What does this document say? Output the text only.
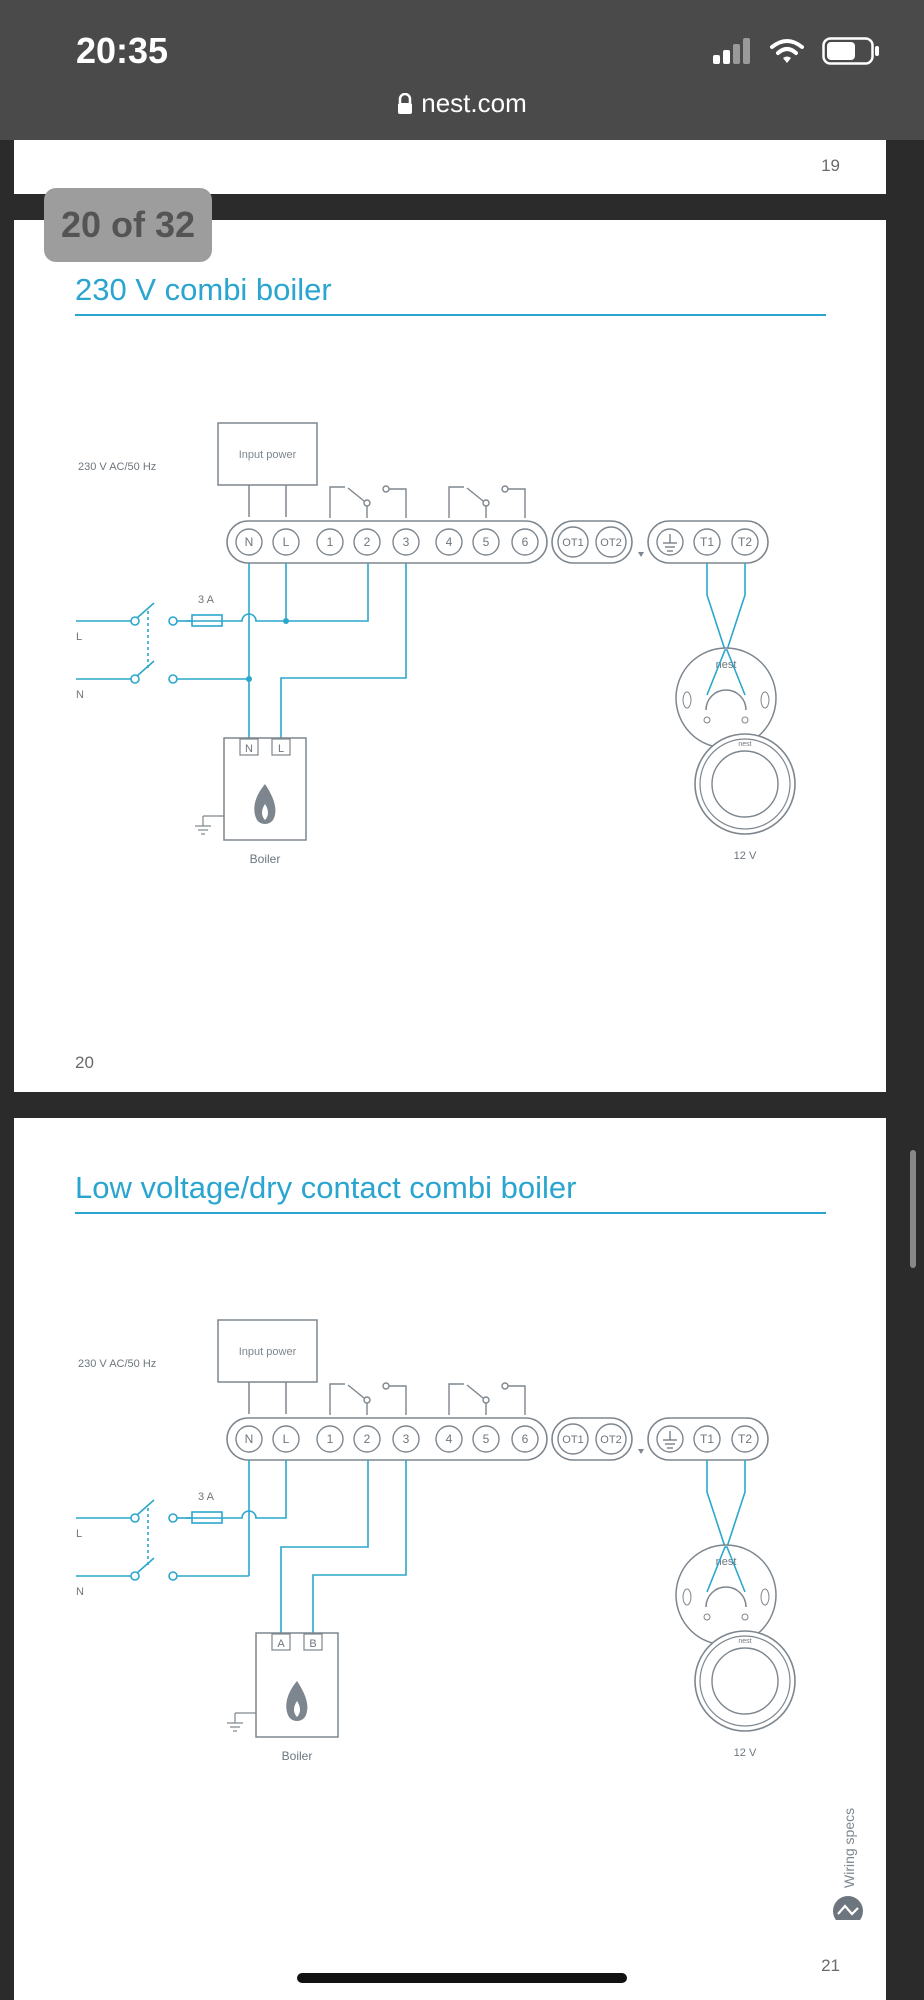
20:35
nest.com
19
20
230 V combi boiler
Input power
N L	1	2	3	4	5	6	OT1 OT2	T1 T2
230 V AC/50 Hz
3 A
L
N
N L
Boiler
nest
nest
12 V
20 of 32
21
Low voltage/dry contact combi boiler
Input power
N L	1	2	3	4	5	6	OT1 OT2	T1 T2
230 V AC/50 Hz
3 A
L
N
A B
Boiler
nest
nest
12 V
Wiring specs
